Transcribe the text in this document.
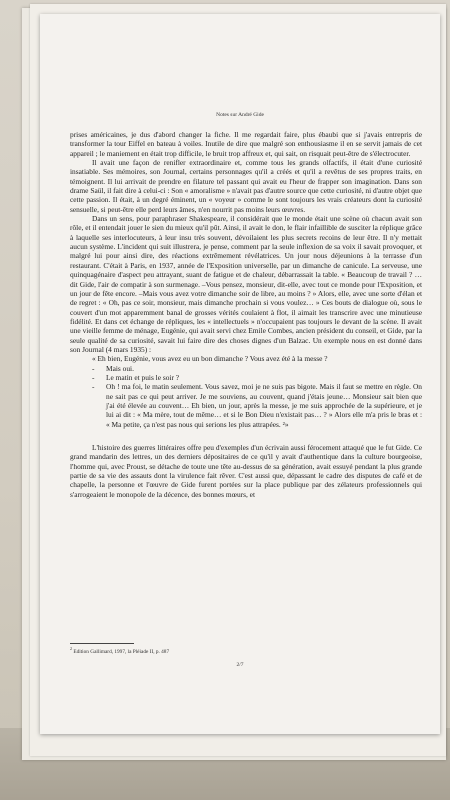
Notes sur André Gide

prises américaines, je dus d'abord changer la fiche. Il me regardait faire, plus ébaubi que si j'avais entrepris de transformer la tour Eiffel en bateau à voiles. Inutile de dire que malgré son enthousiasme il en se servit jamais de cet appareil ; le maniement en était trop difficile, le bruit trop affreux et, qui sait, on risquait peut-être de s'électrocuter.

Il avait une façon de renifler extraordinaire et, comme tous les grands olfactifs, il était d'une curiosité insatiable. Ses mémoires, son Journal, certains personnages qu'il a créés et qu'il a revêtus de ses propres traits, en témoignent. Il lui arrivait de prendre en filature tel passant qui avait eu l'heur de frapper son imagination. Dans son drame Saül, il fait dire à celui-ci : Son « amoralisme » n'avait pas d'autre source que cette curiosité, ni d'autre objet que cette passion. Il était, à un degré éminent, un « voyeur » comme le sont toujours les vrais créateurs dont la curiosité sensuelle, si peut-être elle perd leurs âmes, n'en nourrit pas moins leurs œuvres.

Dans un sens, pour paraphraser Shakespeare, il considérait que le monde était une scène où chacun avait son rôle, et il entendait jouer le sien du mieux qu'il pût. Ainsi, il avait le don, le flair infaillible de susciter la réplique grâce à laquelle ses interlocuteurs, à leur insu très souvent, dévoilaient les plus secrets recoins de leur être. Il n'y mettait aucun système. L'incident qui suit illustrera, je pense, comment par la seule inflexion de sa voix il savait provoquer, et malgré lui pour ainsi dire, des réactions extrêmement révélatrices. Un jour nous déjeunions à la terrasse d'un restaurant. C'était à Paris, en 1937, année de l'Exposition universelle, par un dimanche de canicule. La serveuse, une quinquagénaire d'aspect peu attrayant, suant de fatigue et de chaleur, débarrassait la table. « Beaucoup de travail ? … dit Gide, l'air de compatir à son surmenage. –Vous pensez, monsieur, dit-elle, avec tout ce monde pour l'Exposition, et un jour de fête encore. –Mais vous avez votre dimanche soir de libre, au moins ? » Alors, elle, avec une sorte d'élan et de regret : « Oh, pas ce soir, monsieur, mais dimanche prochain si vous voulez… » Ces bouts de dialogue où, sous le couvert d'un mot apparemment banal de grosses vérités coulaient à flot, il aimait les transcrire avec une minutieuse fidélité. Et dans cet échange de répliques, les « intellectuels » n'occupaient pas toujours le devant de la scène. Il avait une vieille femme de ménage, Eugénie, qui avait servi chez Emile Combes, ancien président du conseil, et Gide, par la seule qualité de sa curiosité, savait lui faire dire des choses dignes d'un Balzac. Un exemple nous en est donné dans son Journal (4 mars 1935) :

« Eh bien, Eugénie, vous avez eu un bon dimanche ? Vous avez été à la messe ?
- Mais oui.
- Le matin et puis le soir ?
- Oh ! ma foi, le matin seulement. Vous savez, moi je ne suis pas bigote. Mais il faut se mettre en règle. On ne sait pas ce qui peut arriver. Je me souviens, au couvent, quand j'étais jeune… Monsieur sait bien que j'ai été élevée au couvent… Eh bien, un jour, après la messe, je me suis approchée de la supérieure, et je lui ai dit : « Ma mère, tout de même… et si le Bon Dieu n'existait pas… ? » Alors elle m'a pris le bras et : « Ma petite, ça n'est pas nous qui serions les plus attrapées. ²»

L'histoire des guerres littéraires offre peu d'exemples d'un écrivain aussi férocement attaqué que le fut Gide. Ce grand mandarin des lettres, un des derniers dépositaires de ce qu'il y avait d'authentique dans la culture bourgeoise, l'homme qui, avec Proust, se détache de toute une tête au-dessus de sa génération, avait essuyé pendant la plus grande partie de sa vie des assauts dont la virulence fait rêver. C'est aussi que, dépassant le cadre des disputes de café et de chapelle, la personne et l'œuvre de Gide furent portées sur la place publique par des zélateurs professionnels qui s'arrogeaient le monopole de la décence, des bonnes mœurs, et

$^2$ Edition Gallimard, 1997, la Pléiade II, p. 487
2/7
